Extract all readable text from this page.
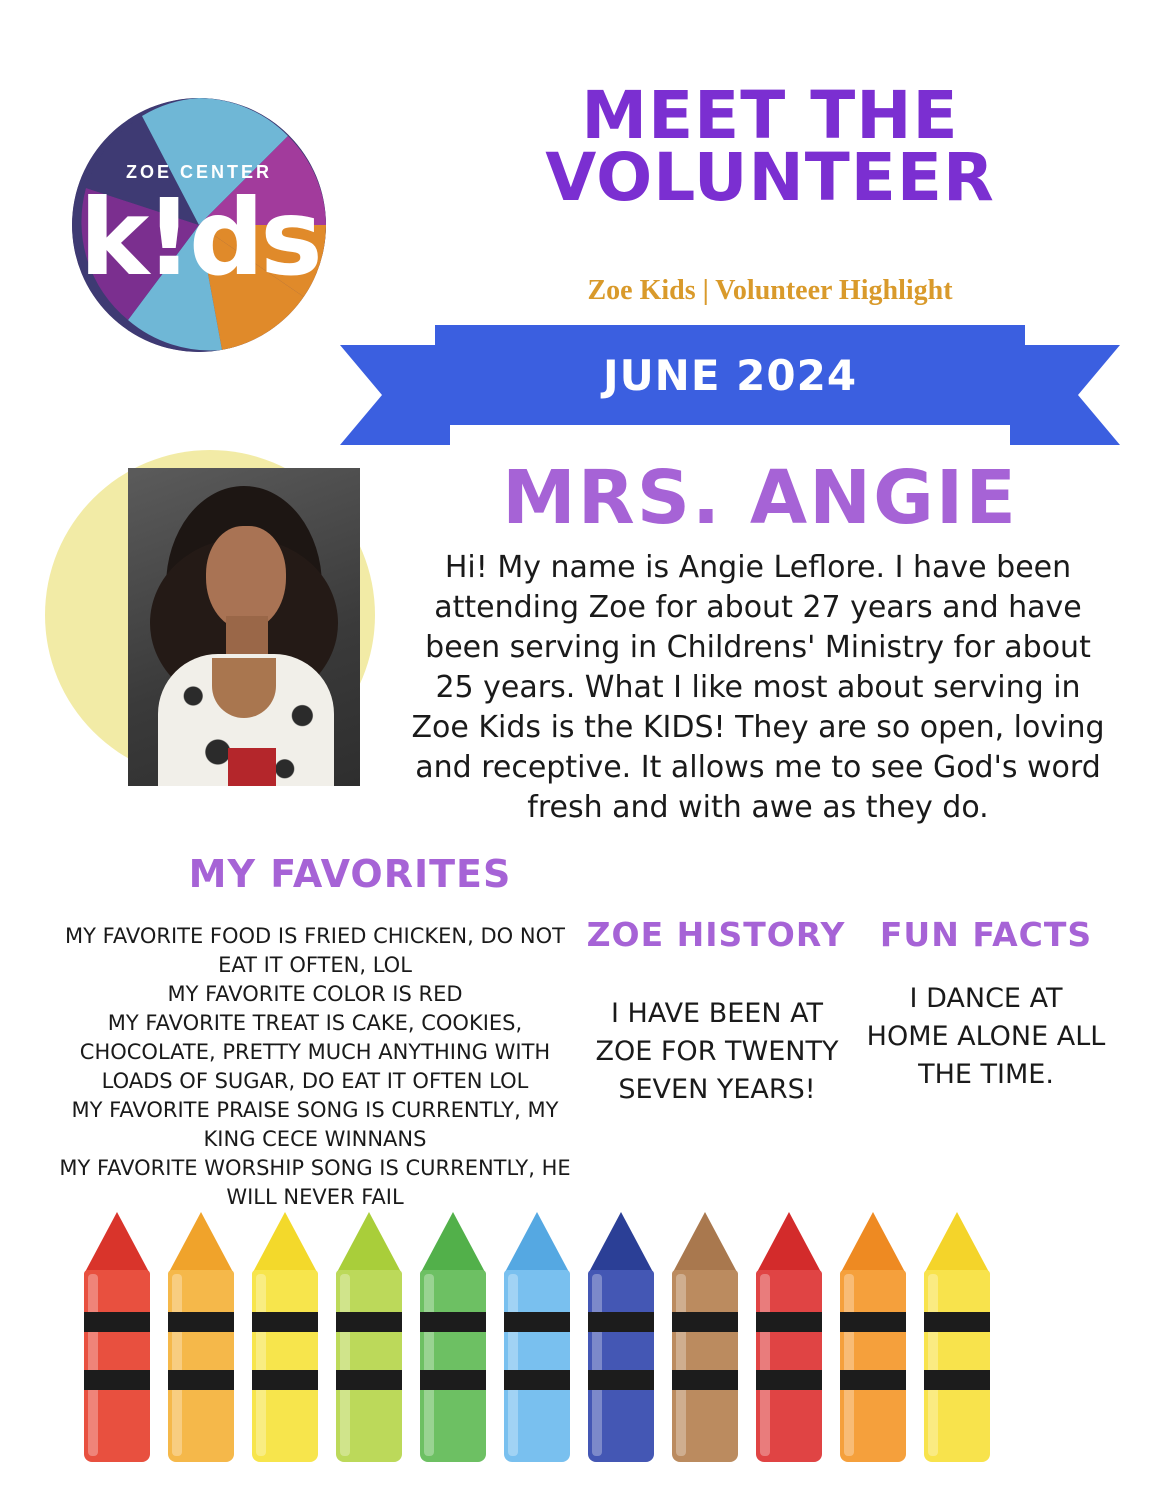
ZOE CENTER
k!ds
MEET THE VOLUNTEER
Zoe Kids | Volunteer Highlight
JUNE 2024
MRS. ANGIE
Hi! My name is Angie Leflore. I have been attending Zoe for about 27 years and have been serving in Childrens' Ministry for about 25 years. What I like most about serving in Zoe Kids is the KIDS! They are so open, loving and receptive. It allows me to see God's word fresh and with awe as they do.
MY FAVORITES
MY FAVORITE FOOD IS FRIED CHICKEN, DO NOT EAT IT OFTEN, LOL
MY FAVORITE COLOR IS RED
MY FAVORITE TREAT IS CAKE, COOKIES, CHOCOLATE, PRETTY MUCH ANYTHING WITH LOADS OF SUGAR, DO EAT IT OFTEN LOL
MY FAVORITE PRAISE SONG IS CURRENTLY, MY KING CECE WINNANS
MY FAVORITE WORSHIP SONG IS CURRENTLY, HE WILL NEVER FAIL
ZOE HISTORY
I HAVE BEEN AT ZOE FOR TWENTY SEVEN YEARS!
FUN FACTS
I DANCE AT HOME ALONE ALL THE TIME.
